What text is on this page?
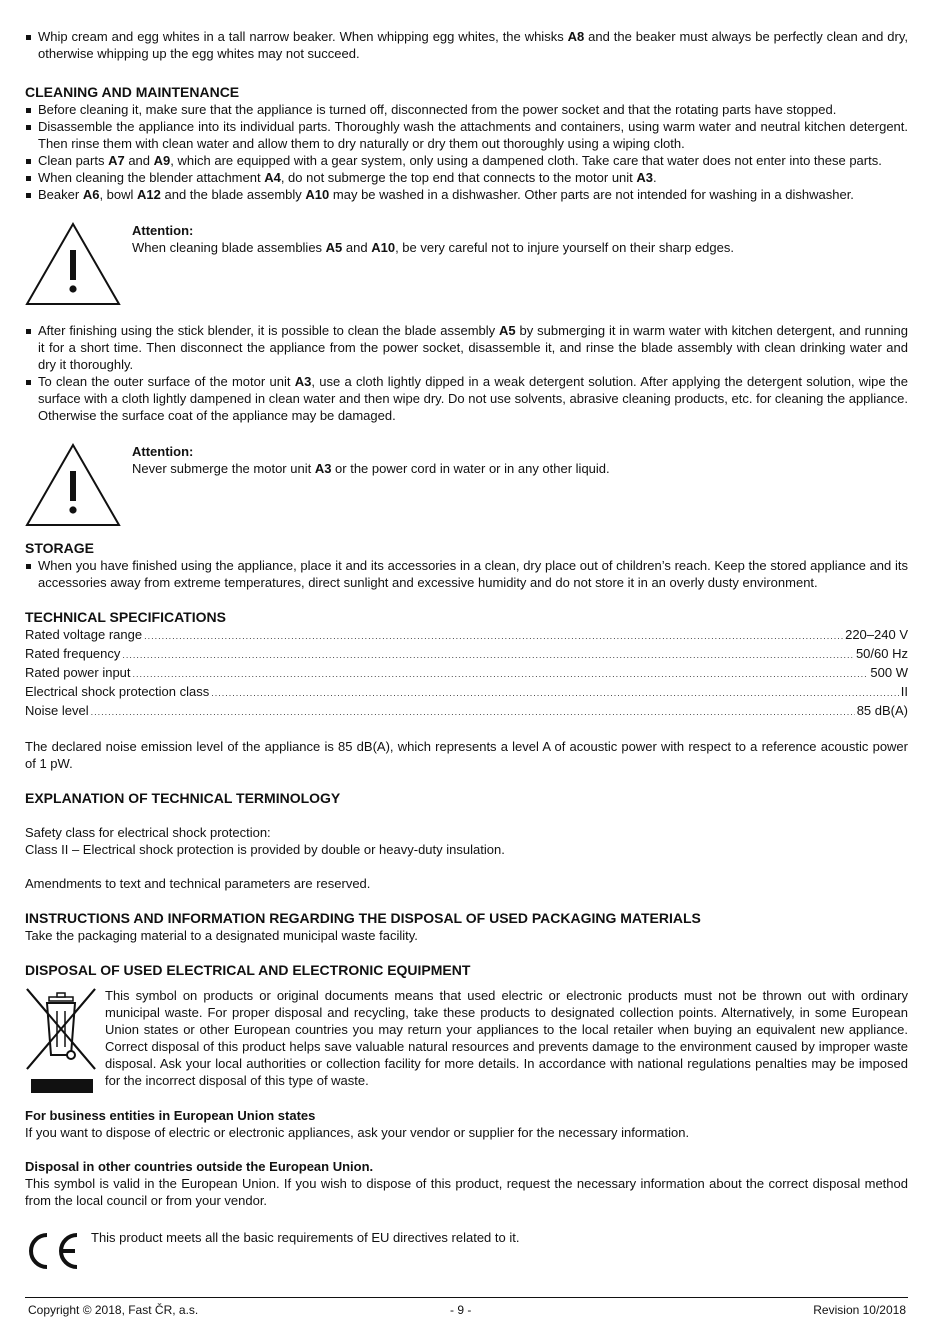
Whip cream and egg whites in a tall narrow beaker. When whipping egg whites, the whisks A8 and the beaker must always be perfectly clean and dry, otherwise whipping up the egg whites may not succeed.
CLEANING AND MAINTENANCE
Before cleaning it, make sure that the appliance is turned off, disconnected from the power socket and that the rotating parts have stopped.
Disassemble the appliance into its individual parts. Thoroughly wash the attachments and containers, using warm water and neutral kitchen detergent. Then rinse them with clean water and allow them to dry naturally or dry them out thoroughly using a wiping cloth.
Clean parts A7 and A9, which are equipped with a gear system, only using a dampened cloth. Take care that water does not enter into these parts.
When cleaning the blender attachment A4, do not submerge the top end that connects to the motor unit A3.
Beaker A6, bowl A12 and the blade assembly A10 may be washed in a dishwasher. Other parts are not intended for washing in a dishwasher.
Attention:
When cleaning blade assemblies A5 and A10, be very careful not to injure yourself on their sharp edges.
After finishing using the stick blender, it is possible to clean the blade assembly A5 by submerging it in warm water with kitchen detergent, and running it for a short time. Then disconnect the appliance from the power socket, disassemble it, and rinse the blade assembly with clean drinking water and dry it thoroughly.
To clean the outer surface of the motor unit A3, use a cloth lightly dipped in a weak detergent solution. After applying the detergent solution, wipe the surface with a cloth lightly dampened in clean water and then wipe dry. Do not use solvents, abrasive cleaning products, etc. for cleaning the appliance. Otherwise the surface coat of the appliance may be damaged.
Attention:
Never submerge the motor unit A3 or the power cord in water or in any other liquid.
STORAGE
When you have finished using the appliance, place it and its accessories in a clean, dry place out of children’s reach. Keep the stored appliance and its accessories away from extreme temperatures, direct sunlight and excessive humidity and do not store it in an overly dusty environment.
TECHNICAL SPECIFICATIONS
Rated voltage range .....	220–240 V
Rated frequency .....	50/60 Hz
Rated power input .....	500 W
Electrical shock protection class .....	II
Noise level .....	85 dB(A)

The declared noise emission level of the appliance is 85 dB(A), which represents a level A of acoustic power with respect to a reference acoustic power of 1 pW.

EXPLANATION OF TECHNICAL TERMINOLOGY

Safety class for electrical shock protection:

Class II – Electrical shock protection is provided by double or heavy-duty insulation.

Amendments to text and technical parameters are reserved.

INSTRUCTIONS AND INFORMATION REGARDING THE DISPOSAL OF USED PACKAGING MATERIALS

Take the packaging material to a designated municipal waste facility.

DISPOSAL OF USED ELECTRICAL AND ELECTRONIC EQUIPMENT

This symbol on products or original documents means that used electric or electronic products must not be thrown out with ordinary municipal waste. For proper disposal and recycling, take these products to designated collection points. Alternatively, in some European Union states or other European countries you may return your appliances to the local retailer when buying an equivalent new appliance. Correct disposal of this product helps save valuable natural resources and prevents damage to the environment caused by improper waste disposal. Ask your local authorities or collection facility for more details. In accordance with national regulations penalties may be imposed for the incorrect disposal of this type of waste.

For business entities in European Union states

If you want to dispose of electric or electronic appliances, ask your vendor or supplier for the necessary information.

Disposal in other countries outside the European Union.

This symbol is valid in the European Union. If you wish to dispose of this product, request the necessary information about the correct disposal method from the local council or from your vendor.

CE	This product meets all the basic requirements of EU directives related to it.

Copyright © 2018, Fast ČR, a.s.	- 9 -	Revision 10/2018
